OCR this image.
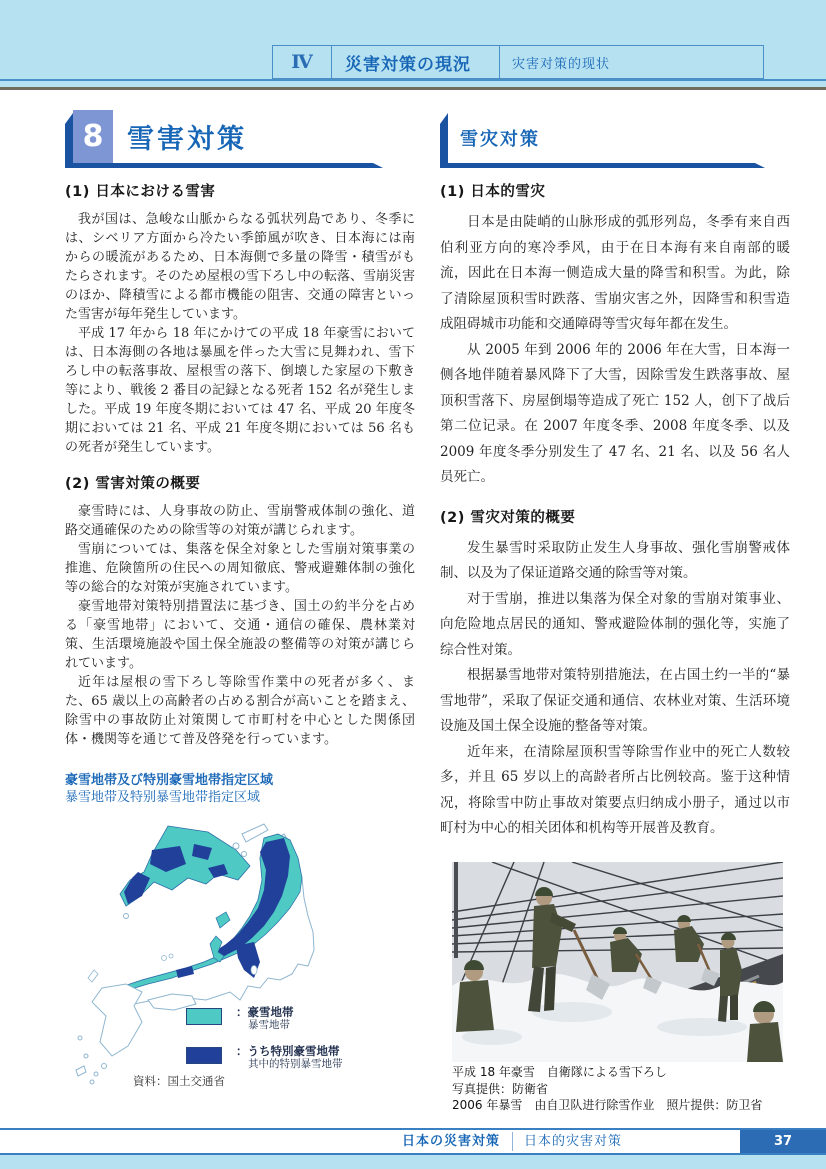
Ⅳ	災害対策の現況	灾害对策的现状
8 雪害対策	雪灾对策

(1) 日本における雪害

我が国は、急峻な山脈からなる弧状列島であり、冬季には、シベリア方面から冷たい季節風が吹き、日本海には南からの暖流があるため、日本海側で多量の降雪・積雪がもたらされます。そのため屋根の雪下ろし中の転落、雪崩災害のほか、降積雪による都市機能の阻害、交通の障害といった雪害が毎年発生しています。

平成 17 年から 18 年にかけての平成 18 年豪雪においては、日本海側の各地は暴風を伴った大雪に見舞われ、雪下ろし中の転落事故、屋根雪の落下、倒壊した家屋の下敷き等により、戦後 2 番目の記録となる死者 152 名が発生しました。平成 19 年度冬期においては 47 名、平成 20 年度冬期においては 21 名、平成 21 年度冬期においては 56 名もの死者が発生しています。

(2) 雪害対策の概要

豪雪時には、人身事故の防止、雪崩警戒体制の強化、道路交通確保のための除雪等の対策が講じられます。

雪崩については、集落を保全対象とした雪崩対策事業の推進、危険箇所の住民への周知徹底、警戒避難体制の強化等の総合的な対策が実施されています。

豪雪地帯対策特別措置法に基づき、国土の約半分を占める「豪雪地帯」において、交通・通信の確保、農林業対策、生活環境施設や国土保全施設の整備等の対策が講じられています。

近年は屋根の雪下ろし等除雪作業中の死者が多く、また、65 歳以上の高齢者の占める割合が高いことを踏まえ、除雪中の事故防止対策関して市町村を中心とした関係団体・機関等を通じて普及啓発を行っています。

(1) 日本的雪灾

日本是由陡峭的山脉形成的弧形列岛，冬季有来自西伯利亚方向的寒冷季风，由于在日本海有来自南部的暖流，因此在日本海一侧造成大量的降雪和积雪。为此，除了清除屋顶积雪时跌落、雪崩灾害之外，因降雪和积雪造成阻碍城市功能和交通障碍等雪灾每年都在发生。

从 2005 年到 2006 年的 2006 年在大雪，日本海一侧各地伴随着暴风降下了大雪，因除雪发生跌落事故、屋顶积雪落下、房屋倒塌等造成了死亡 152 人，创下了战后第二位记录。在 2007 年度冬季、2008 年度冬季、以及 2009 年度冬季分别发生了 47 名、21 名、以及 56 名人员死亡。

(2) 雪灾对策的概要

发生暴雪时采取防止发生人身事故、强化雪崩警戒体制、以及为了保证道路交通的除雪等对策。

对于雪崩，推进以集落为保全对象的雪崩对策事业、向危险地点居民的通知、警戒避险体制的强化等，实施了综合性对策。

根据暴雪地带对策特别措施法，在占国土约一半的“暴雪地带”，采取了保证交通和通信、农林业对策、生活环境设施及国土保全设施的整备等对策。

近年来，在清除屋顶积雪等除雪作业中的死亡人数较多，并且 65 岁以上的高龄者所占比例较高。鉴于这种情况，将除雪中防止事故对策要点归纳成小册子，通过以市町村为中心的相关团体和机构等开展普及教育。

豪雪地帯及び特別豪雪地帯指定区域
暴雪地带及特别暴雪地带指定区域
：豪雪地帯
暴雪地带
：うち特別豪雪地帯
其中的特别暴雪地带
資料：国土交通省
平成 18 年豪雪　自衛隊による雪下ろし
写真提供：防衛省
2006 年暴雪　由自卫队进行除雪作业　照片提供：防卫省
日本の災害対策 日本的灾害对策	37
